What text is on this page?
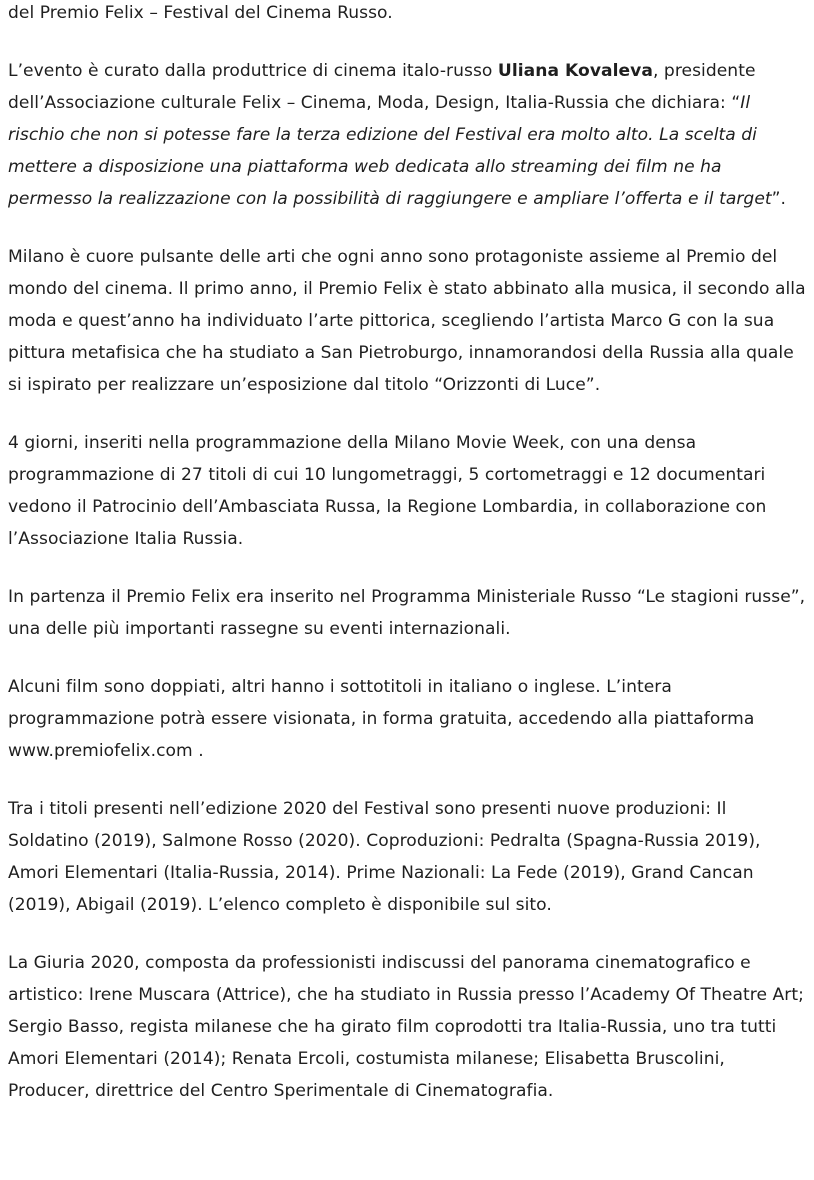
del Premio Felix – Festival del Cinema Russo.

L’evento è curato dalla produttrice di cinema italo-russo Uliana Kovaleva, presidente dell’Associazione culturale Felix – Cinema, Moda, Design, Italia-Russia che dichiara: “Il rischio che non si potesse fare la terza edizione del Festival era molto alto. La scelta di mettere a disposizione una piattaforma web dedicata allo streaming dei film ne ha permesso la realizzazione con la possibilità di raggiungere e ampliare l’offerta e il target”.

Milano è cuore pulsante delle arti che ogni anno sono protagoniste assieme al Premio del mondo del cinema. Il primo anno, il Premio Felix è stato abbinato alla musica, il secondo alla moda e quest’anno ha individuato l’arte pittorica, scegliendo l’artista Marco G con la sua pittura metafisica che ha studiato a San Pietroburgo, innamorandosi della Russia alla quale si ispirato per realizzare un’esposizione dal titolo “Orizzonti di Luce”.

4 giorni, inseriti nella programmazione della Milano Movie Week, con una densa programmazione di 27 titoli di cui 10 lungometraggi, 5 cortometraggi e 12 documentari vedono il Patrocinio dell’Ambasciata Russa, la Regione Lombardia, in collaborazione con l’Associazione Italia Russia.

In partenza il Premio Felix era inserito nel Programma Ministeriale Russo “Le stagioni russe”, una delle più importanti rassegne su eventi internazionali.

Alcuni film sono doppiati, altri hanno i sottotitoli in italiano o inglese. L’intera programmazione potrà essere visionata, in forma gratuita, accedendo alla piattaforma www.premiofelix.com .

Tra i titoli presenti nell’edizione 2020 del Festival sono presenti nuove produzioni: Il Soldatino (2019), Salmone Rosso (2020). Coproduzioni: Pedralta (Spagna-Russia 2019), Amori Elementari (Italia-Russia, 2014). Prime Nazionali: La Fede (2019), Grand Cancan (2019), Abigail (2019). L’elenco completo è disponibile sul sito.

La Giuria 2020, composta da professionisti indiscussi del panorama cinematografico e artistico: Irene Muscara (Attrice), che ha studiato in Russia presso l’Academy Of Theatre Art; Sergio Basso, regista milanese che ha girato film coprodotti tra Italia-Russia, uno tra tutti Amori Elementari (2014); Renata Ercoli, costumista milanese; Elisabetta Bruscolini, Producer, direttrice del Centro Sperimentale di Cinematografia.
